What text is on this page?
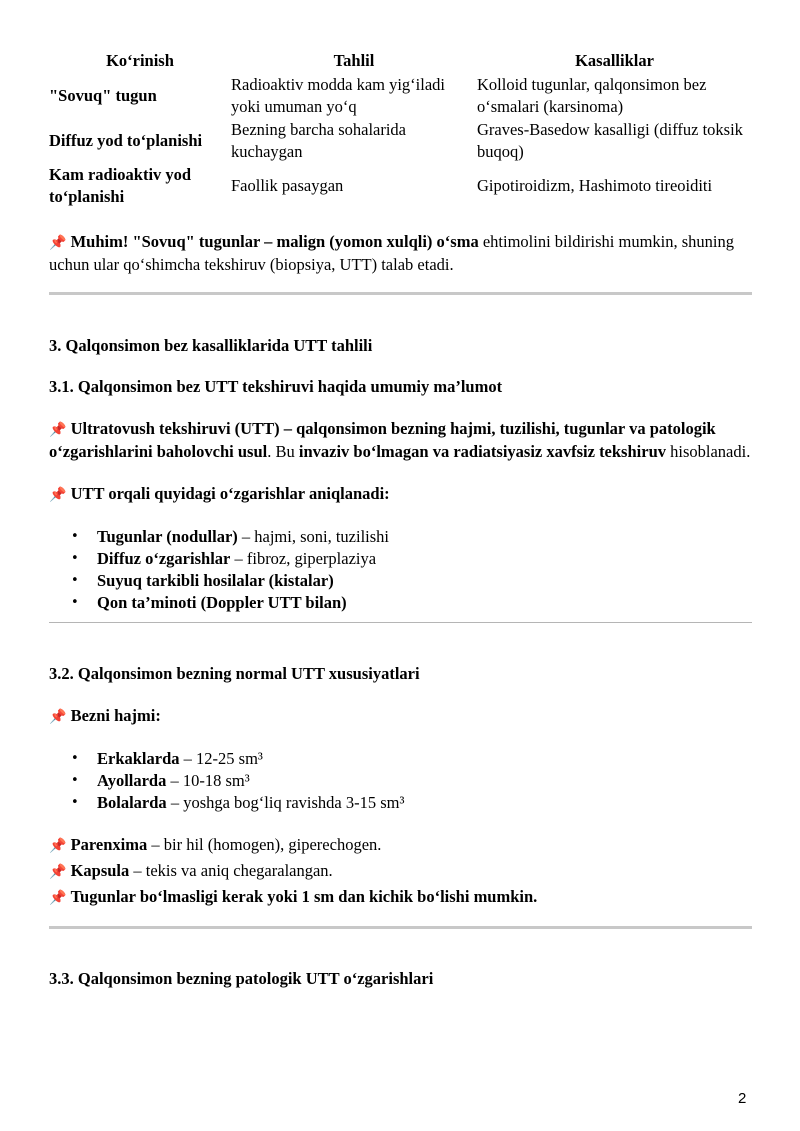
Ko‘rinish	Tahlil	Kasalliklar
"Sovuq" tugun	Radioaktiv modda kam yig‘iladi yoki umuman yo‘q	Kolloid tugunlar, qalqonsimon bez o‘smalari (karsinoma)
Diffuz yod to‘planishi	Bezning barcha sohalarida kuchaygan	Graves-Basedow kasalligi (diffuz toksik buqoq)
Kam radioaktiv yod to‘planishi	Faollik pasaygan	Gipotiroidizm, Hashimoto tireoiditi

📌 Muhim! "Sovuq" tugunlar – malign (yomon xulqli) o‘sma ehtimolini bildirishi mumkin, shuning uchun ular qo‘shimcha tekshiruv (biopsiya, UTT) talab etadi.

3. Qalqonsimon bez kasalliklarida UTT tahlili

3.1. Qalqonsimon bez UTT tekshiruvi haqida umumiy ma’lumot

📌 Ultratovush tekshiruvi (UTT) – qalqonsimon bezning hajmi, tuzilishi, tugunlar va patologik o‘zgarishlarini baholovchi usul. Bu invaziv bo‘lmagan va radiatsiyasiz xavfsiz tekshiruv hisoblanadi.

📌 UTT orqali quyidagi o‘zgarishlar aniqlanadi:

• Tugunlar (nodullar) – hajmi, soni, tuzilishi
• Diffuz o‘zgarishlar – fibroz, giperplaziya
• Suyuq tarkibli hosilalar (kistalar)
• Qon ta’minoti (Doppler UTT bilan)

3.2. Qalqonsimon bezning normal UTT xususiyatlari

📌 Bezni hajmi:

• Erkaklarda – 12-25 sm³
• Ayollarda – 10-18 sm³
• Bolalarda – yoshga bog‘liq ravishda 3-15 sm³

📌 Parenxima – bir hil (homogen), giperechogen.

📌 Kapsula – tekis va aniq chegaralangan.

📌 Tugunlar bo‘lmasligi kerak yoki 1 sm dan kichik bo‘lishi mumkin.

3.3. Qalqonsimon bezning patologik UTT o‘zgarishlari

2
